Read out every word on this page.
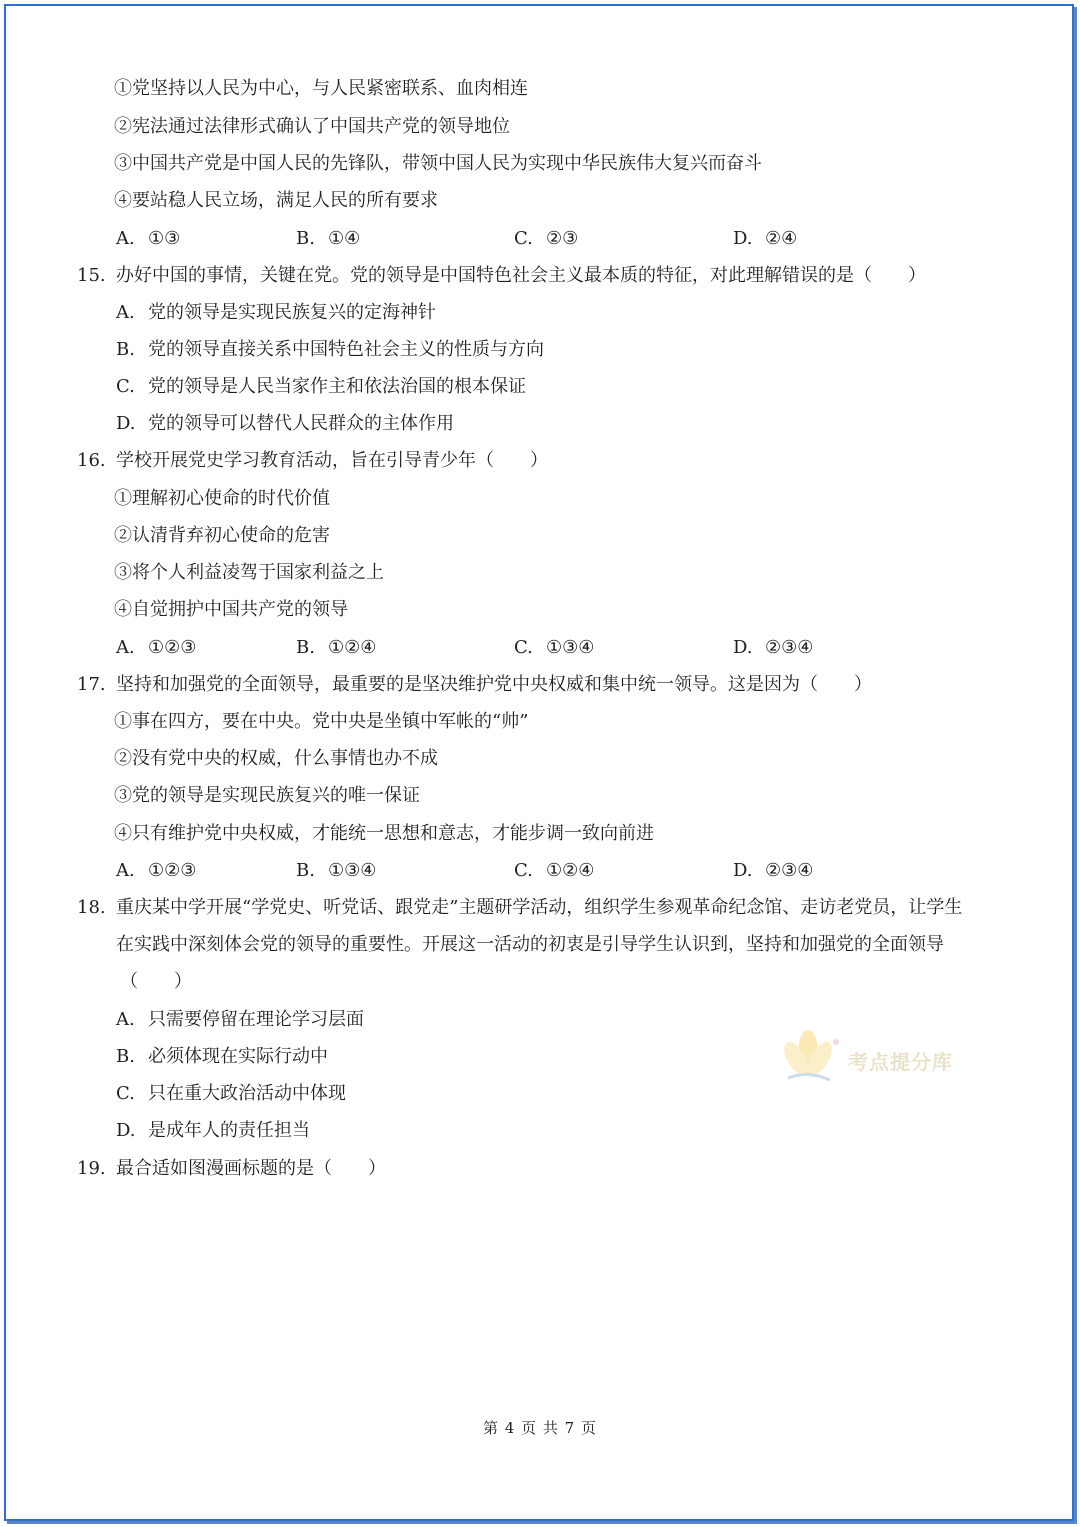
①党坚持以人民为中心，与人民紧密联系、血肉相连
②宪法通过法律形式确认了中国共产党的领导地位
③中国共产党是中国人民的先锋队，带领中国人民为实现中华民族伟大复兴而奋斗
④要站稳人民立场，满足人民的所有要求
A. ①③	B. ①④	C. ②③	D. ②④
15. 办好中国的事情，关键在党。党的领导是中国特色社会主义最本质的特征，对此理解错误的是（　　）
A. 党的领导是实现民族复兴的定海神针
B. 党的领导直接关系中国特色社会主义的性质与方向
C. 党的领导是人民当家作主和依法治国的根本保证
D. 党的领导可以替代人民群众的主体作用
16. 学校开展党史学习教育活动，旨在引导青少年（　　）
①理解初心使命的时代价值
②认清背弃初心使命的危害
③将个人利益凌驾于国家利益之上
④自觉拥护中国共产党的领导
A. ①②③	B. ①②④	C. ①③④	D. ②③④
17. 坚持和加强党的全面领导，最重要的是坚决维护党中央权威和集中统一领导。这是因为（　　）
①事在四方，要在中央。党中央是坐镇中军帐的“帅”
②没有党中央的权威，什么事情也办不成
③党的领导是实现民族复兴的唯一保证
④只有维护党中央权威，才能统一思想和意志，才能步调一致向前进
A. ①②③	B. ①③④	C. ①②④	D. ②③④
18. 重庆某中学开展“学党史、听党话、跟党走”主题研学活动，组织学生参观革命纪念馆、走访老党员，让学生
在实践中深刻体会党的领导的重要性。开展这一活动的初衷是引导学生认识到，坚持和加强党的全面领导
（　　）
A. 只需要停留在理论学习层面
B. 必须体现在实际行动中
C. 只在重大政治活动中体现
D. 是成年人的责任担当
19. 最合适如图漫画标题的是（　　）
考点提分库
第 4 页 共 7 页
